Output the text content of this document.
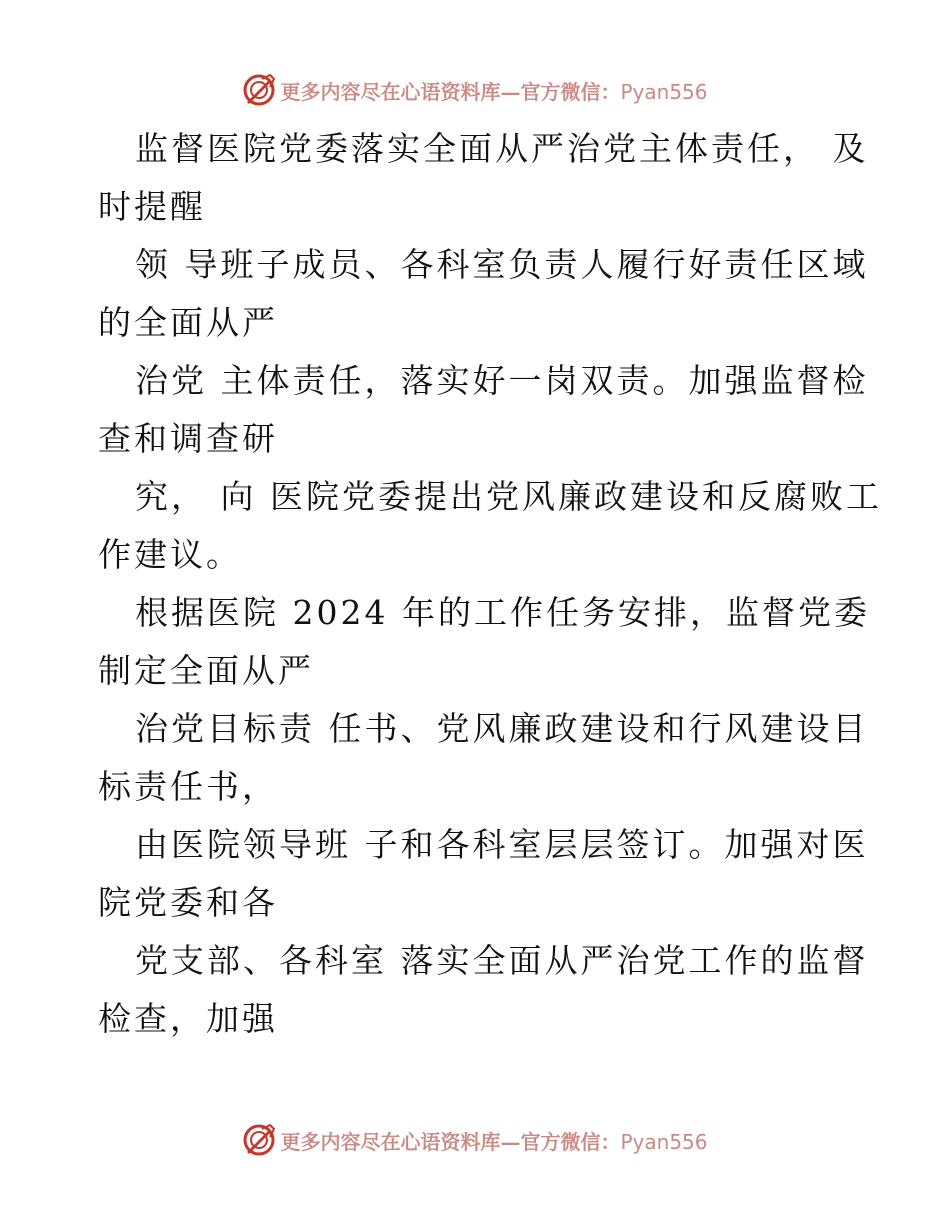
更多内容尽在心语资料库—官方微信：Pyan556
监督医院党委落实全面从严治党主体责任， 及
时提醒
领 导班子成员、各科室负责人履行好责任区域
的全面从严
治党 主体责任，落实好一岗双责。加强监督检
查和调查研
究， 向 医院党委提出党风廉政建设和反腐败工
作建议。
根据医院 2024 年的工作任务安排，监督党委
制定全面从严
治党目标责 任书、党风廉政建设和行风建设目
标责任书，
由医院领导班 子和各科室层层签订。加强对医
院党委和各
党支部、各科室 落实全面从严治党工作的监督
检查，加强
更多内容尽在心语资料库—官方微信：Pyan556
